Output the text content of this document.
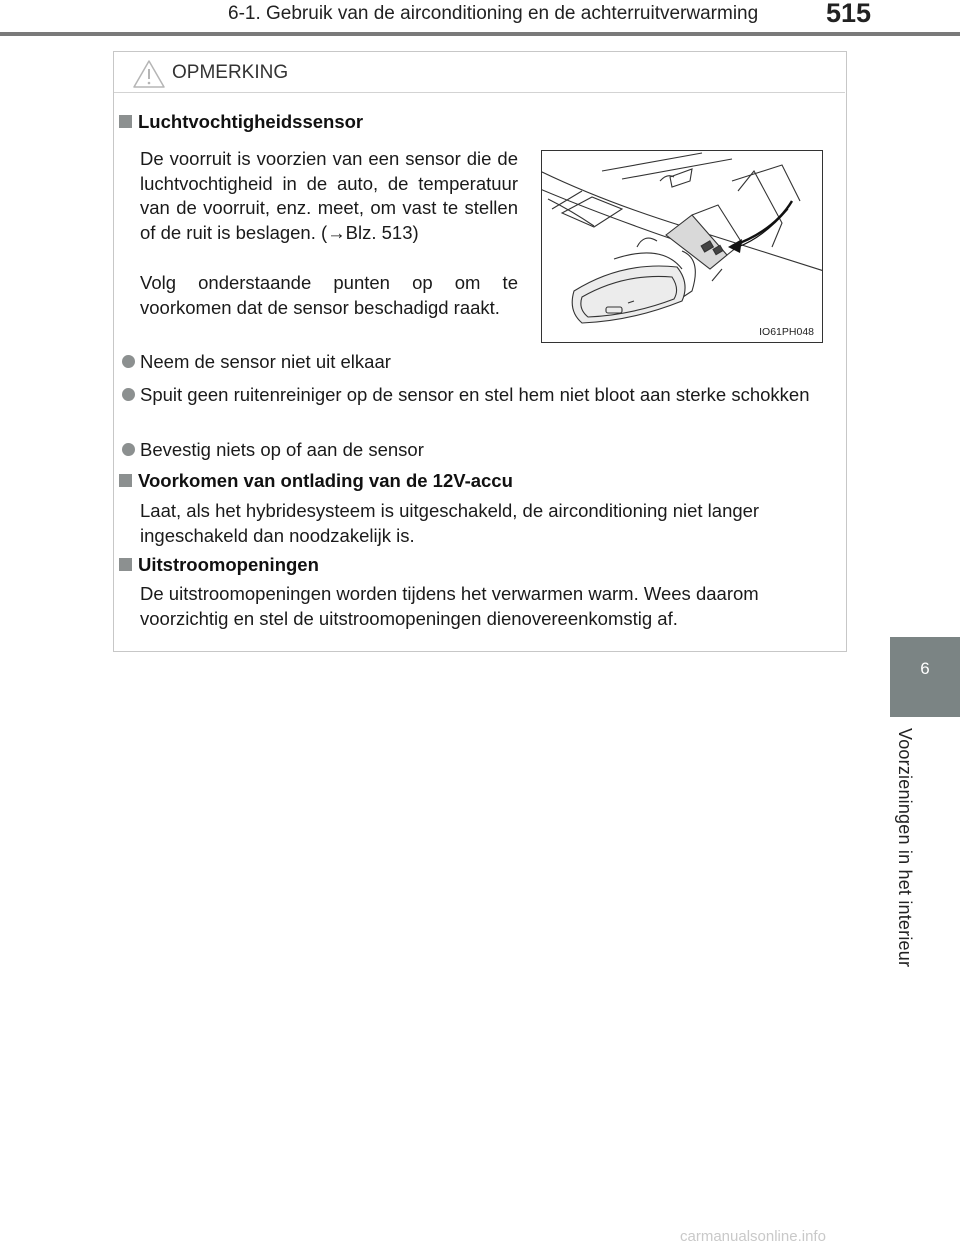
6-1. Gebruik van de airconditioning en de achterruitverwarming	515
6
Voorzieningen in het interieur
OPMERKING
Luchtvochtigheidssensor
De voorruit is voorzien van een sensor die de luchtvochtigheid in de auto, de temperatuur van de voorruit, enz. meet, om vast te stellen of de ruit is beslagen. (→Blz. 513)
Volg onderstaande punten op om te voorkomen dat de sensor beschadigd raakt.
IO61PH048
Neem de sensor niet uit elkaar
Spuit geen ruitenreiniger op de sensor en stel hem niet bloot aan sterke schokken
Bevestig niets op of aan de sensor
Voorkomen van ontlading van de 12V-accu
Laat, als het hybridesysteem is uitgeschakeld, de airconditioning niet langer ingeschakeld dan noodzakelijk is.
Uitstroomopeningen
De uitstroomopeningen worden tijdens het verwarmen warm. Wees daarom voorzichtig en stel de uitstroomopeningen dienovereenkomstig af.
carmanualsonline.info
